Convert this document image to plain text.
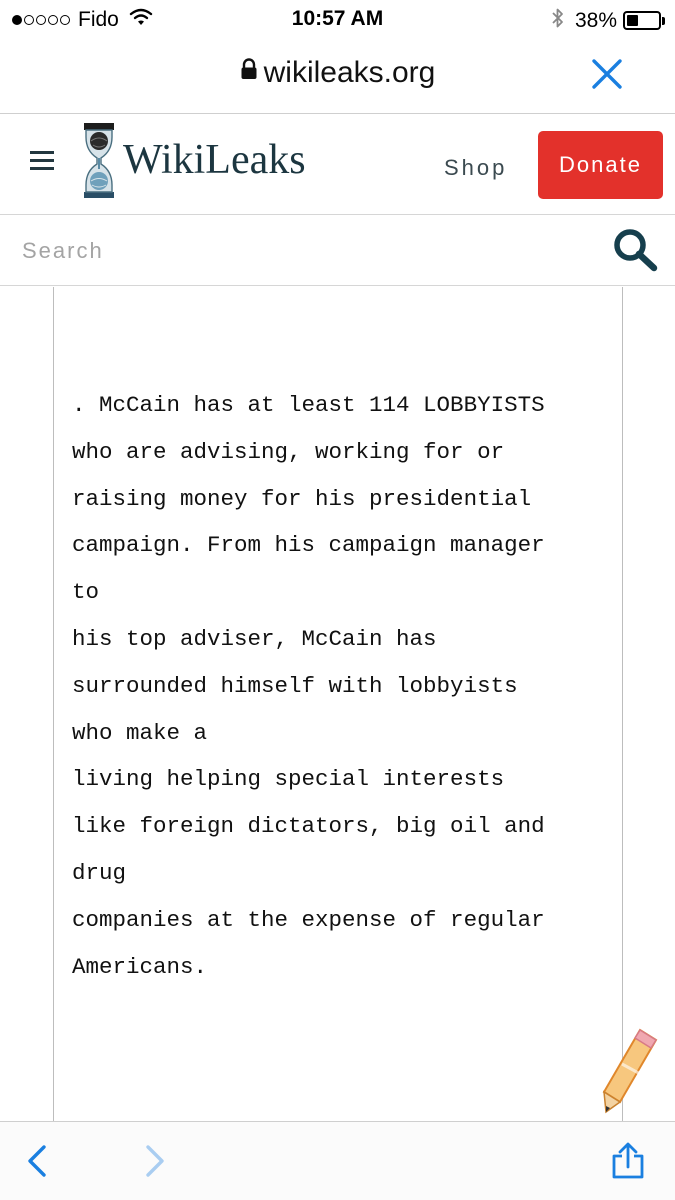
Fido	10:57 AM	38%
wikileaks.org
WikiLeaks	Shop	Donate
Search
. McCain has at least 114 LOBBYISTS
who are advising, working for or
raising money for his presidential
campaign. From his campaign manager
to
his top adviser, McCain has
surrounded himself with lobbyists
who make a
living helping special interests
like foreign dictators, big oil and
drug
companies at the expense of regular
Americans.
